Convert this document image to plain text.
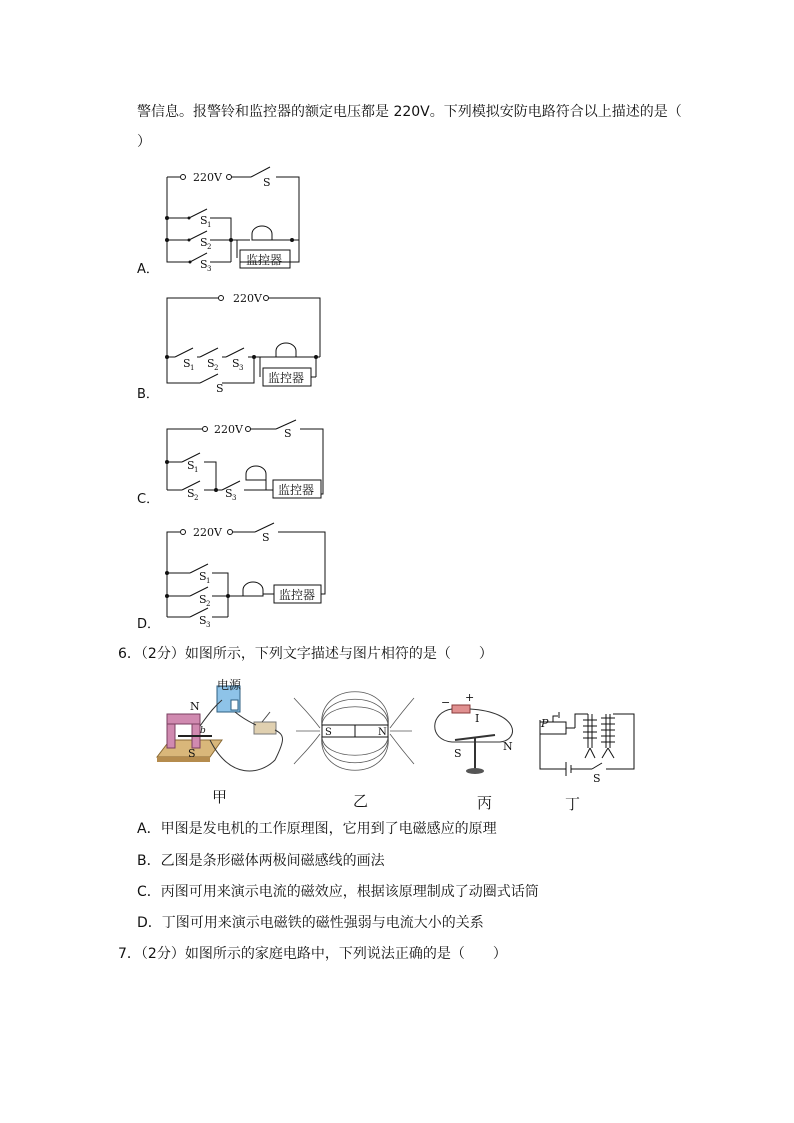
警信息。报警铃和监控器的额定电压都是 220V。下列模拟安防电路符合以上描述的是（
）
A．
220V	S
S 1
S 2
S 3
监控器
B．
220V
S 1 S 2 S 3
S
监控器
C．
220V	S
S 1
S 2 S 3
监控器
D．
220V	S
S 1
S 2
S 3
监控器
6．（2分）如图所示，下列文字描述与图片相符的是（　　）
N
S
b
电源
甲
S	N
乙
− +
I
S
N
丙
P
S
丁
A．甲图是发电机的工作原理图，它用到了电磁感应的原理
B．乙图是条形磁体两极间磁感线的画法
C．丙图可用来演示电流的磁效应，根据该原理制成了动圈式话筒
D．丁图可用来演示电磁铁的磁性强弱与电流大小的关系
7．（2分）如图所示的家庭电路中，下列说法正确的是（　　）
